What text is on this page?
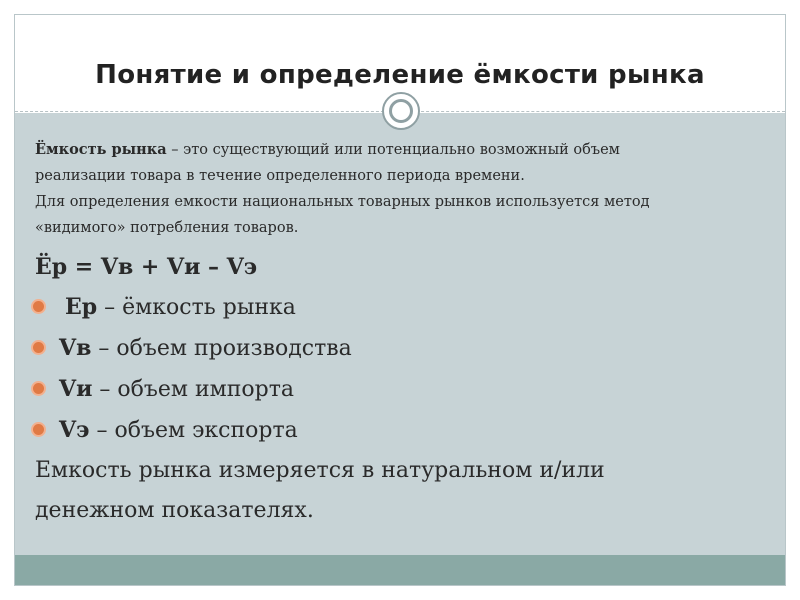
Понятие и определение ёмкости рынка

Ёмкость рынка – это существующий или потенциально возможный объем

реализации товара в течение определенного периода времени.

Для определения емкости национальных товарных рынков используется метод

«видимого» потребления товаров.

Ёр = Vв + Vи – Vэ

Ер – ёмкость рынка
Vв – объем производства
Vи – объем импорта
Vэ – объем экспорта

Емкость рынка измеряется в натуральном и/или

денежном показателях.
